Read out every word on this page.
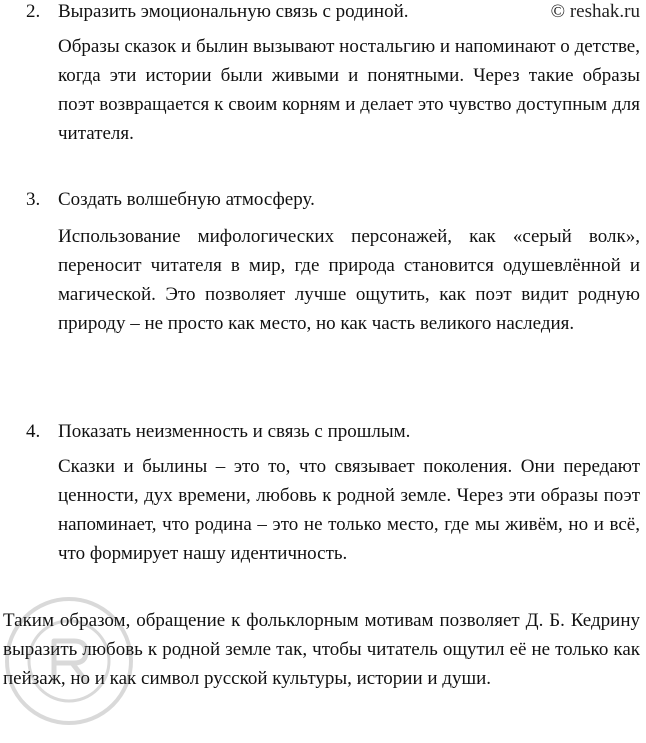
© reshak.ru
2. Выразить эмоциональную связь с родиной.

Образы сказок и былин вызывают ностальгию и напоминают о детстве, когда эти истории были живыми и понятными. Через такие образы поэт возвращается к своим корням и делает это чувство доступным для читателя.

3. Создать волшебную атмосферу.

Использование мифологических персонажей, как «серый волк», переносит читателя в мир, где природа становится одушевлённой и магической. Это позволяет лучше ощутить, как поэт видит родную природу – не просто как место, но как часть великого наследия.

4. Показать неизменность и связь с прошлым.

Сказки и былины – это то, что связывает поколения. Они передают ценности, дух времени, любовь к родной земле. Через эти образы поэт напоминает, что родина – это не только место, где мы живём, но и всё, что формирует нашу идентичность.

Таким образом, обращение к фольклорным мотивам позволяет Д. Б. Кедрину выразить любовь к родной земле так, чтобы читатель ощутил её не только как пейзаж, но и как символ русской культуры, истории и души.
